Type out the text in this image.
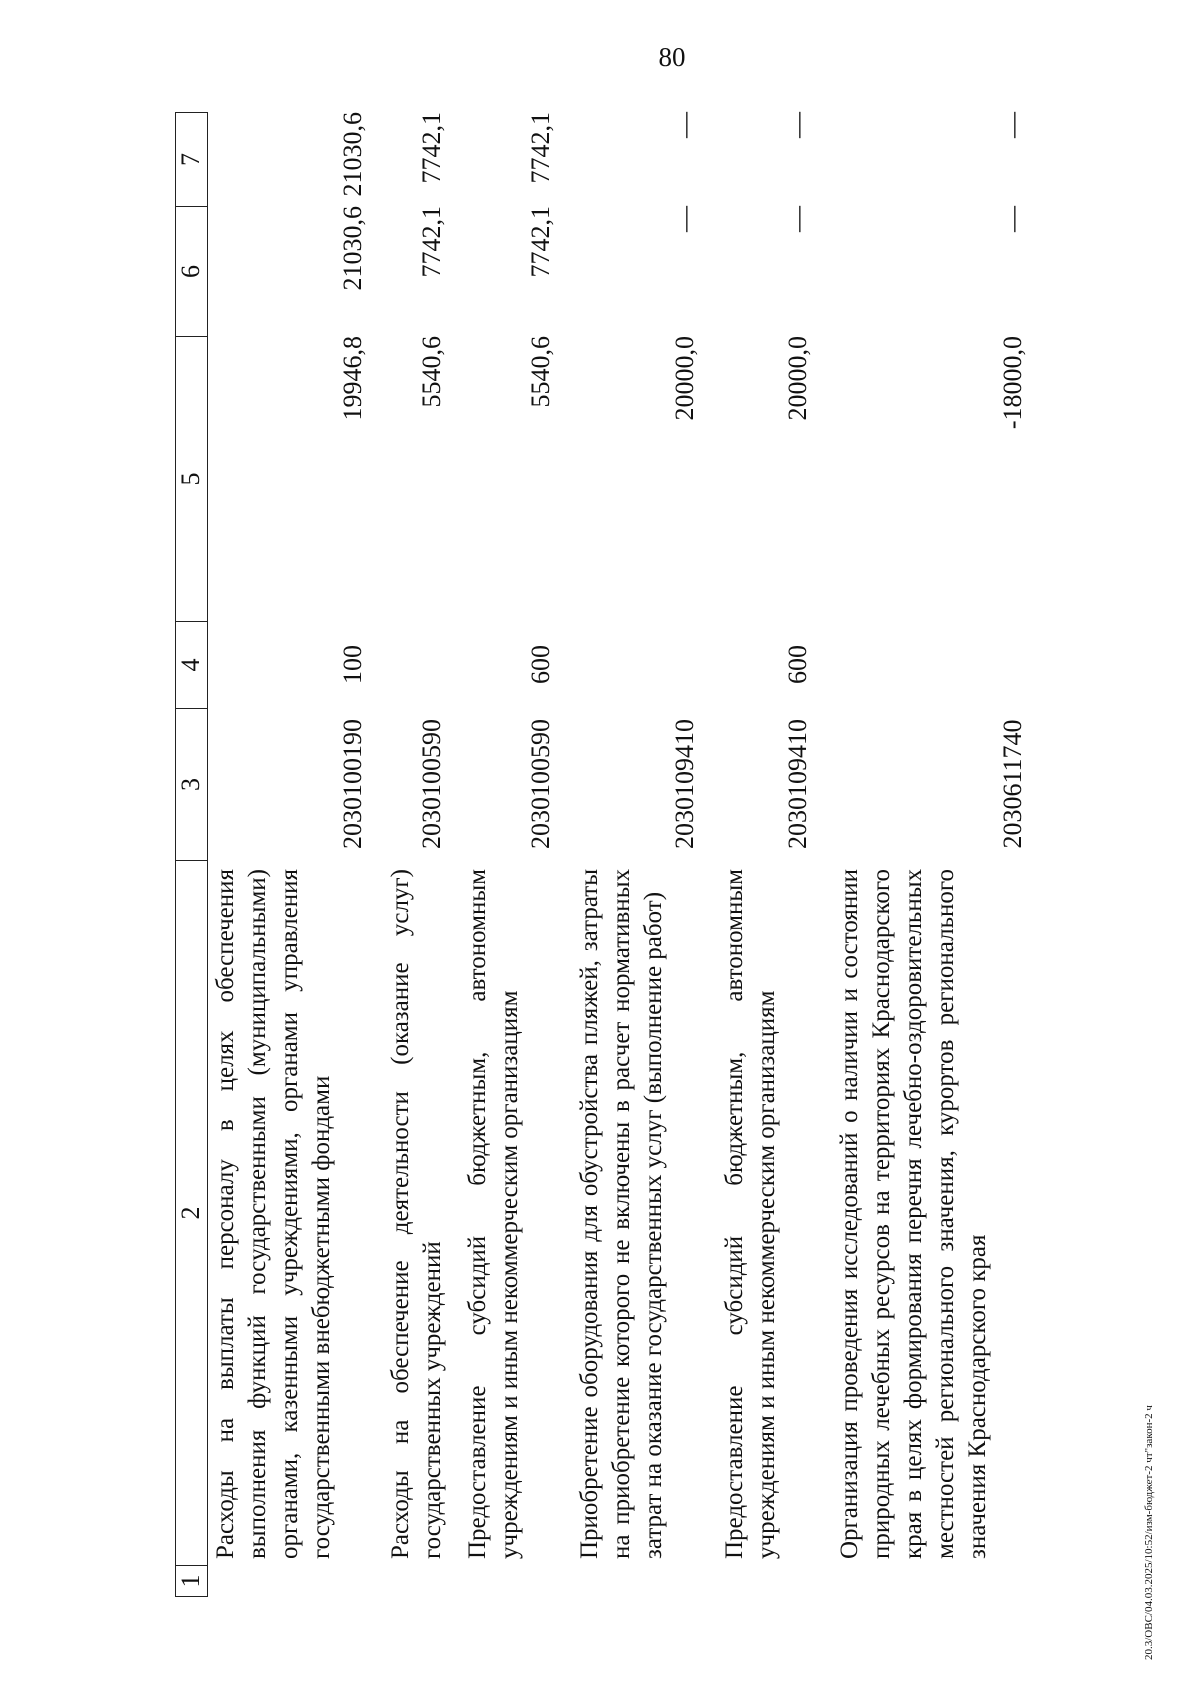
80
1
2
3
4
5
6
7
Расходы на выплаты персоналу в целях обеспечения выполнения функций государственными (муниципальными) органами, казенными учреждениями, органами управления государственными внебюджетными фондами
2030100190
100
19946,8
21030,6
21030,6
Расходы на обеспечение деятельности (оказание услуг) государственных учреждений
2030100590
5540,6
7742,1
7742,1
Предоставление субсидий бюджетным, автономным учреждениям и иным некоммерческим организациям
2030100590
600
5540,6
7742,1
7742,1
Приобретение оборудования для обустройства пляжей, затраты на приобретение которого не включены в расчет нормативных затрат на оказание государственных услуг (выполнение работ)
2030109410
20000,0
—
—
Предоставление субсидий бюджетным, автономным учреждениям и иным некоммерческим организациям
2030109410
600
20000,0
—
—
Организация проведения исследований о наличии и состоянии природных лечебных ресурсов на территориях Краснодарского края в целях формирования перечня лечебно-оздоровительных местностей регионального значения, курортов регионального значения Краснодарского края
2030611740
-18000,0
—
—
20.3/ОВС/04.03.2025/10:52/изм-бюджет-2 чт"закон-2 ч
